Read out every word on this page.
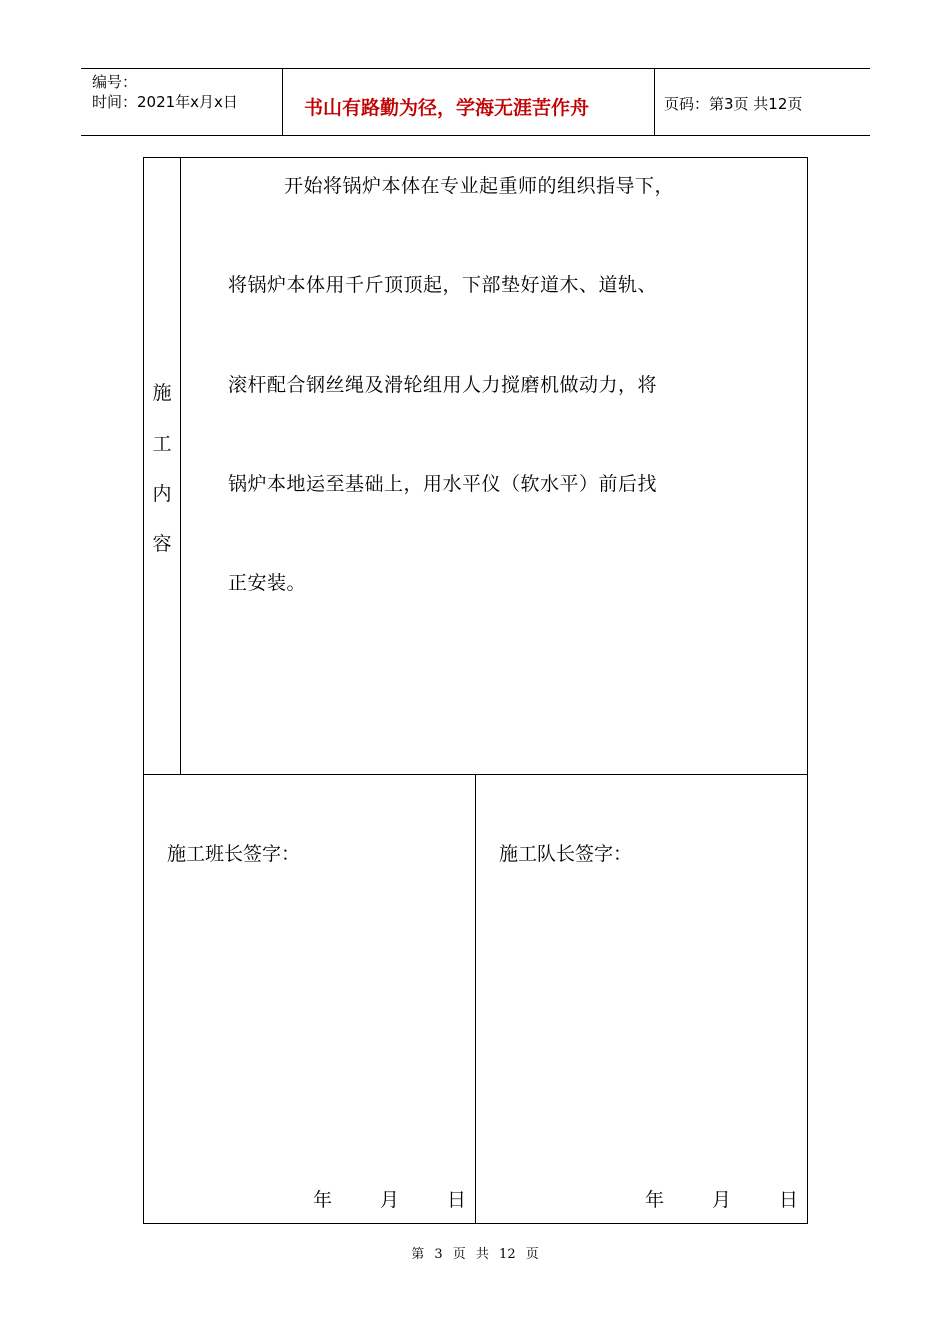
编号：
时间：2021年x月x日	书山有路勤为径，学海无涯苦作舟	页码：第3页 共12页
施
工
内
容
开始将锅炉本体在专业起重师的组织指导下，
将锅炉本体用千斤顶顶起，下部垫好道木、道轨、
滚杆配合钢丝绳及滑轮组用人力搅磨机做动力，将
锅炉本地运至基础上，用水平仪（软水平）前后找
正安装。
施工班长签字：	施工队长签字：
年	月	日	年	月	日
第 3 页 共 12 页
